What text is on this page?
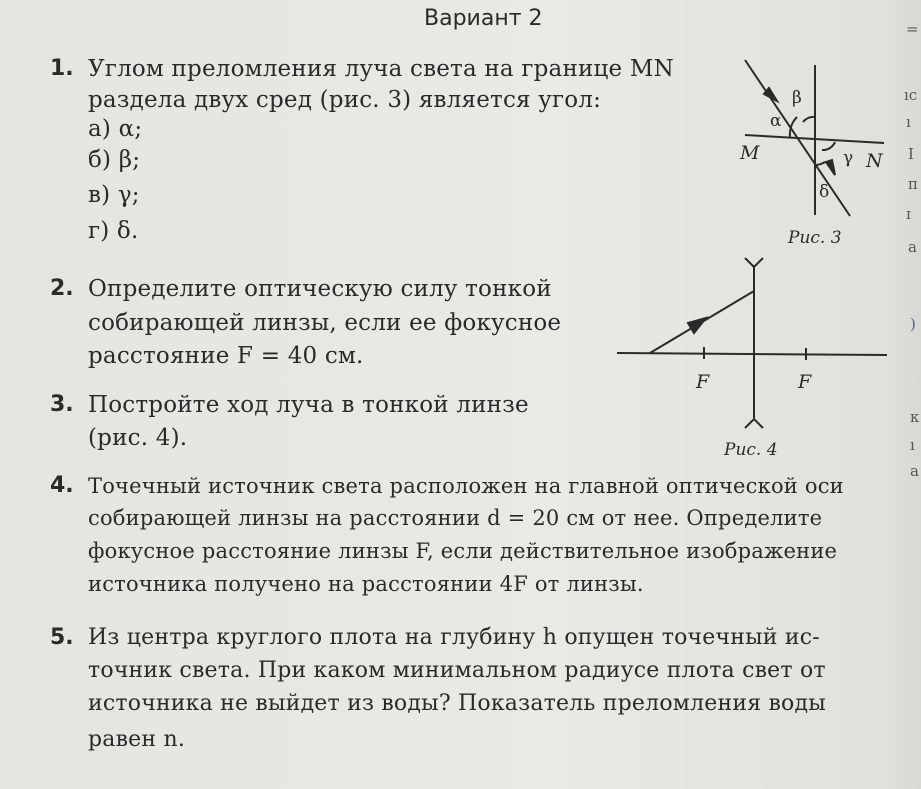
Вариант 2
1. Углом преломления луча света на границе MN
раздела двух сред (рис. 3) является угол:
а) α;
б) β;
в) γ;
г) δ.
2. Определите оптическую силу тонкой
собирающей линзы, если ее фокусное
расстояние F = 40 см.
3. Постройте ход луча в тонкой линзе
(рис. 4).
4. Точечный источник света расположен на главной оптической оси
собирающей линзы на расстоянии d = 20 см от нее. Определите
фокусное расстояние линзы F, если действительное изображение
источника получено на расстоянии 4F от линзы.
5. Из центра круглого плота на глубину h опущен точечный ис-
точник света. При каком минимальном радиусе плота свет от
источника не выйдет из воды? Показатель преломления воды
равен n.
α
β
γ
δ
M	N
F	F
Рис. 3
Рис. 4
=
ıc
ı
I
п
ɪ
a
)
к
ı
a
